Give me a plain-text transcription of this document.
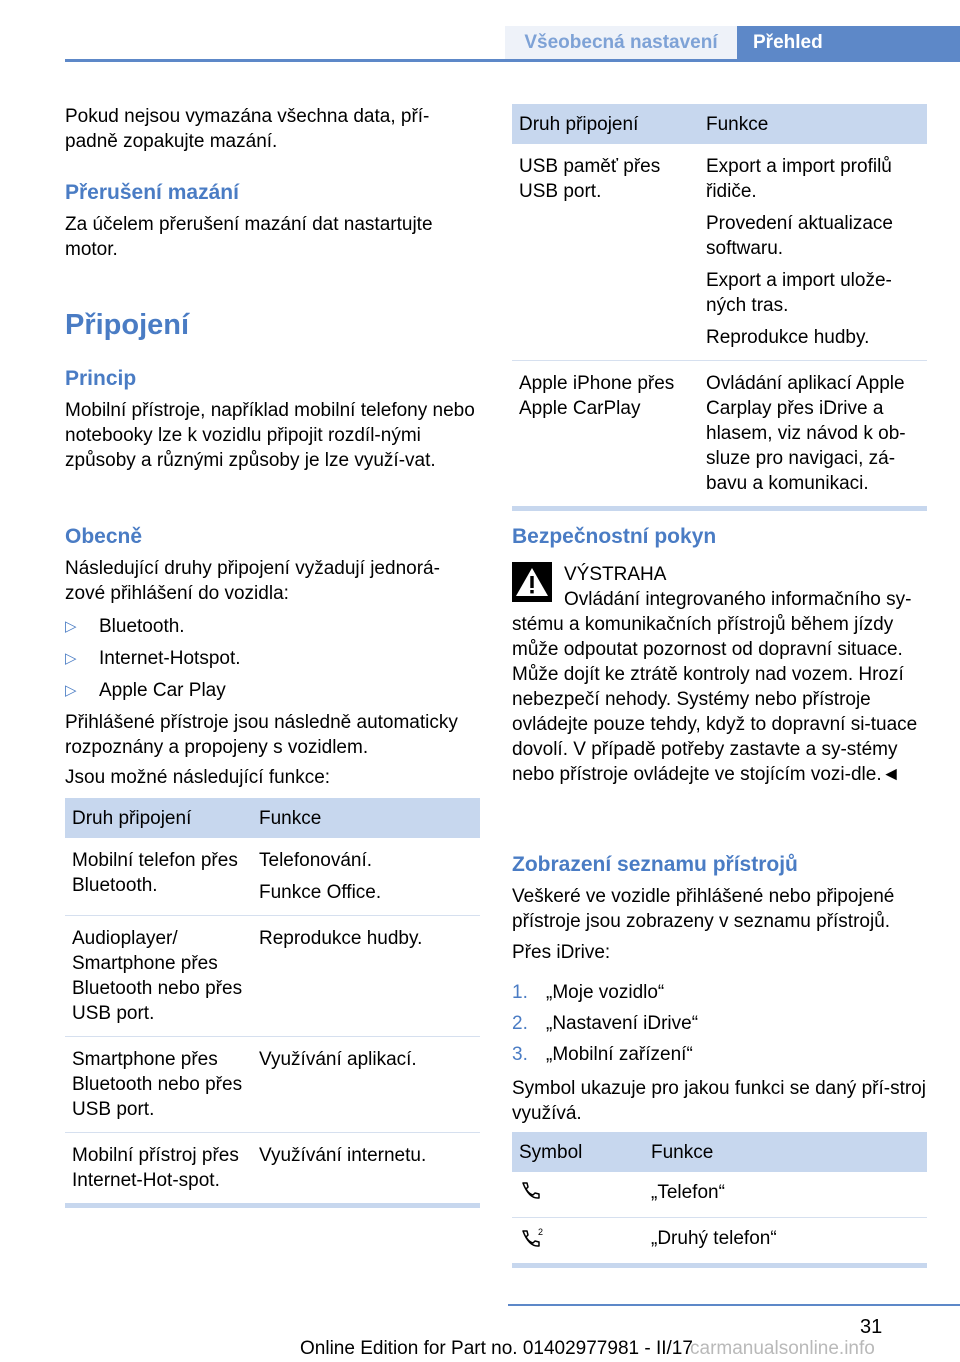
Všeobecná nastavení	Přehled

Pokud nejsou vymazána všechna data, pří-
padně zopakujte mazání.

Přerušení mazání

Za účelem přerušení mazání dat nastartujte motor.

Připojení
Princip

Mobilní přístroje, například mobilní telefony nebo notebooky lze k vozidlu připojit rozdíl-nými způsoby a různými způsoby je lze využí-vat.

Obecně

Následující druhy připojení vyžadují jednorá-zové přihlášení do vozidla:

▷ Bluetooth.
▷ Internet-Hotspot.
▷ Apple Car Play

Přihlášené přístroje jsou následně automaticky rozpoznány a propojeny s vozidlem.

Jsou možné následující funkce:

Druh připojení	Funkce
Mobilní telefon přes Bluetooth.	Telefonování.
Funkce Office.

Audioplayer/ Smartphone přes Bluetooth nebo přes USB port.	Reprodukce hudby.
Smartphone přes Bluetooth nebo přes USB port.	Využívání aplikací.
Mobilní přístroj přes Internet-Hot-spot.	Využívání internetu.
Druh připojení	Funkce
USB paměť přes USB port.	Export a import profilů řidiče.
Provedení aktualizace softwaru.
Export a import ulože-ných tras.
Reprodukce hudby.

Apple iPhone přes Apple CarPlay	Ovládání aplikací Apple Carplay přes iDrive a hlasem, viz návod k ob-sluze pro navigaci, zá-bavu a komunikaci.
Bezpečnostní pokyn

VÝSTRAHA

Ovládání integrovaného informačního sy-stému a komunikačních přístrojů během jízdy může odpoutat pozornost od dopravní situace. Může dojít ke ztrátě kontroly nad vozem. Hrozí nebezpečí nehody. Systémy nebo přístroje ovládejte pouze tehdy, když to dopravní si-tuace dovolí. V případě potřeby zastavte a sy-stémy nebo přístroje ovládejte ve stojícím vozi-dle.◄

Zobrazení seznamu přístrojů

Veškeré ve vozidle přihlášené nebo připojené přístroje jsou zobrazeny v seznamu přístrojů.

Přes iDrive:

1. „Moje vozidlo“
2. „Nastavení iDrive“
3. „Mobilní zařízení“

Symbol ukazuje pro jakou funkci se daný pří-stroj využívá.

Symbol	Funkce
	„Telefon“

2	„Druhý telefon“
31
Online Edition for Part no. 01402977981 - II/17
carmanualsonline.info
